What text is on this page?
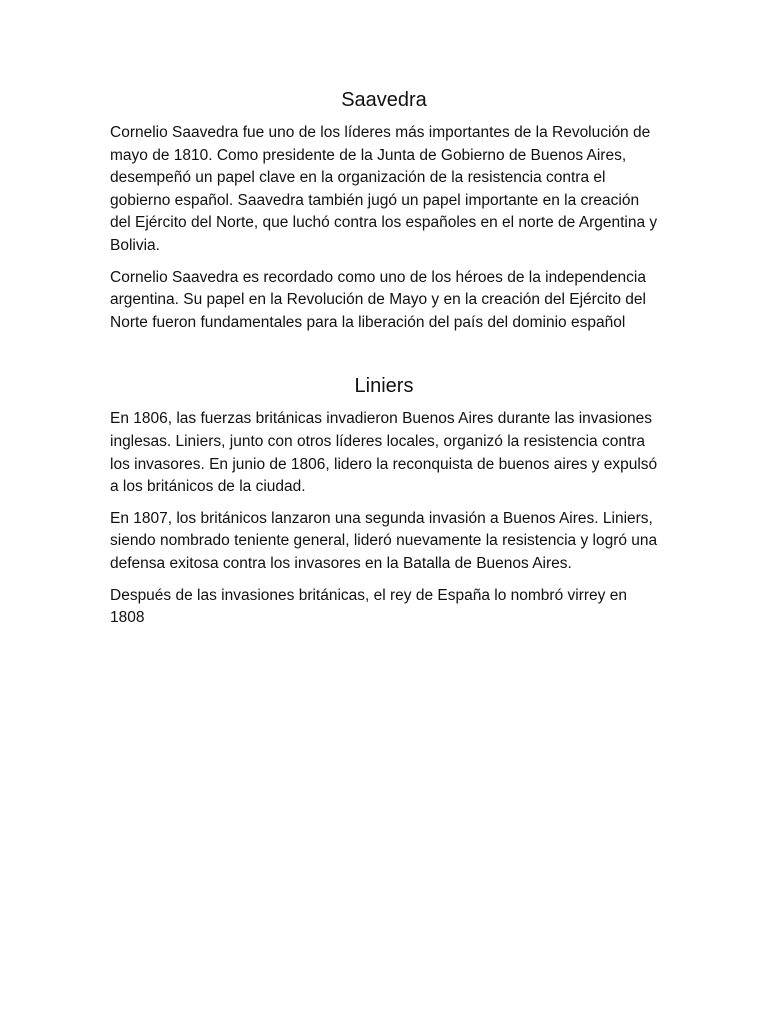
Saavedra

Cornelio Saavedra fue uno de los líderes más importantes de la Revolución de mayo de 1810. Como presidente de la Junta de Gobierno de Buenos Aires, desempeñó un papel clave en la organización de la resistencia contra el gobierno español. Saavedra también jugó un papel importante en la creación del Ejército del Norte, que luchó contra los españoles en el norte de Argentina y Bolivia.

Cornelio Saavedra es recordado como uno de los héroes de la independencia argentina. Su papel en la Revolución de Mayo y en la creación del Ejército del Norte fueron fundamentales para la liberación del país del dominio español

Liniers

En 1806, las fuerzas británicas invadieron Buenos Aires durante las invasiones inglesas. Liniers, junto con otros líderes locales, organizó la resistencia contra los invasores. En junio de 1806, lidero la reconquista de buenos aires y expulsó a los británicos de la ciudad.

En 1807, los británicos lanzaron una segunda invasión a Buenos Aires. Liniers, siendo nombrado teniente general, lideró nuevamente la resistencia y logró una defensa exitosa contra los invasores en la Batalla de Buenos Aires.

Después de las invasiones británicas, el rey de España lo nombró virrey en 1808
